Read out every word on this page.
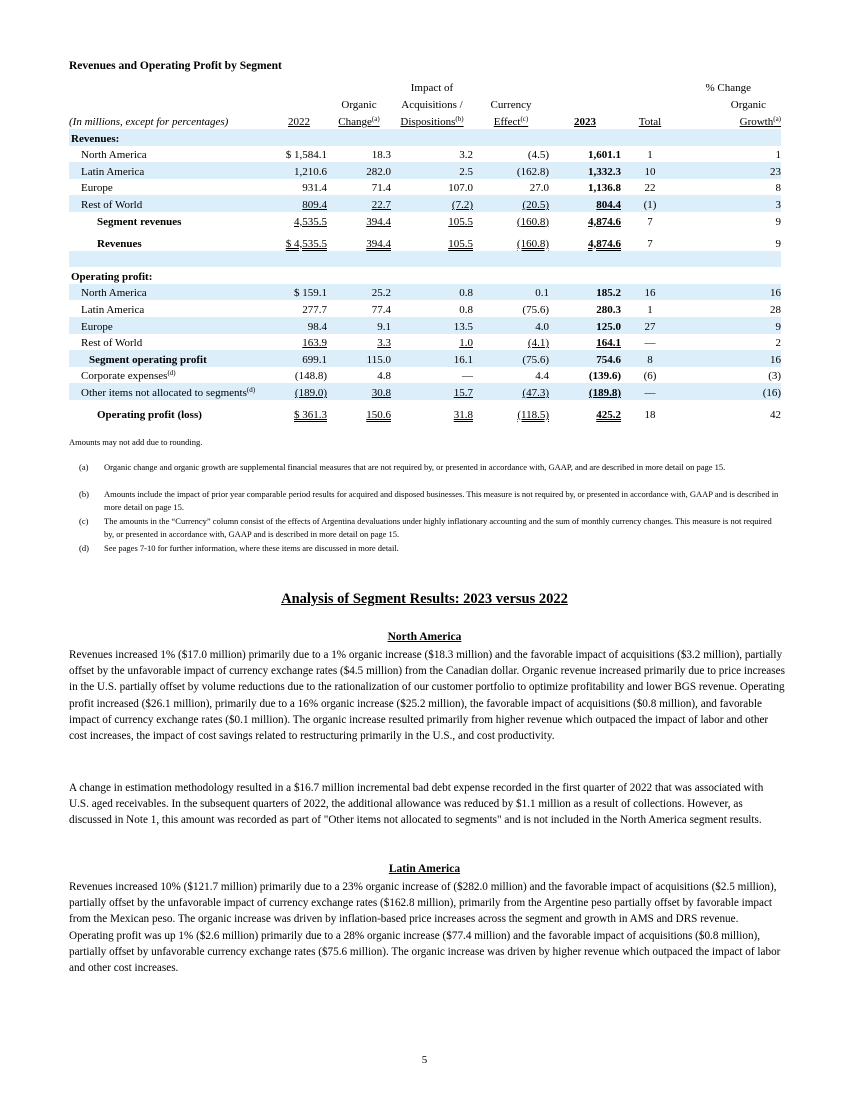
Revenues and Operating Profit by Segment
			Impact of			% Change	
		Organic	Acquisitions /	Currency			Organic
(In millions, except for percentages)	2022	Change$^{(a)}$	Dispositions$^{(b)}$	Effect$^{(c)}$	2023	Total	Growth$^{(a)}$
Revenues:							
North America	$ 1,584.1	18.3	3.2	(4.5)	1,601.1	1	1
Latin America	1,210.6	282.0	2.5	(162.8)	1,332.3	10	23
Europe	931.4	71.4	107.0	27.0	1,136.8	22	8
Rest of World	809.4	22.7	(7.2)	(20.5)	804.4	(1)	3
Segment revenues	4,535.5	394.4	105.5	(160.8)	4,874.6	7	9
Revenues	$ 4,535.5	394.4	105.5	(160.8)	4,874.6	7	9

Operating profit:							
North America	$ 159.1	25.2	0.8	0.1	185.2	16	16
Latin America	277.7	77.4	0.8	(75.6)	280.3	1	28
Europe	98.4	9.1	13.5	4.0	125.0	27	9
Rest of World	163.9	3.3	1.0	(4.1)	164.1	—	2
Segment operating profit	699.1	115.0	16.1	(75.6)	754.6	8	16
Corporate expenses$^{(d)}$	(148.8)	4.8	—	4.4	(139.6)	(6)	(3)
Other items not allocated to segments$^{(d)}$	(189.0)	30.8	15.7	(47.3)	(189.8)	—	(16)
Operating profit (loss)	$ 361.3	150.6	31.8	(118.5)	425.2	18	42
Amounts may not add due to rounding.
(a) Organic change and organic growth are supplemental financial measures that are not required by, or presented in accordance with, GAAP, and are described in more detail on page 15.
(b) Amounts include the impact of prior year comparable period results for acquired and disposed businesses. This measure is not required by, or presented in accordance with, GAAP and is described in more detail on page 15.
(c) The amounts in the “Currency” column consist of the effects of Argentina devaluations under highly inflationary accounting and the sum of monthly currency changes. This measure is not required by, or presented in accordance with, GAAP and is described in more detail on page 15.
(d) See pages 7-10 for further information, where these items are discussed in more detail.
Analysis of Segment Results: 2023 versus 2022
North America
Revenues increased 1% ($17.0 million) primarily due to a 1% organic increase ($18.3 million) and the favorable impact of acquisitions ($3.2 million), partially offset by the unfavorable impact of currency exchange rates ($4.5 million) from the Canadian dollar. Organic revenue increased primarily due to price increases in the U.S. partially offset by volume reductions due to the rationalization of our customer portfolio to optimize profitability and lower BGS revenue. Operating profit increased ($26.1 million), primarily due to a 16% organic increase ($25.2 million), the favorable impact of acquisitions ($0.8 million), and favorable impact of currency exchange rates ($0.1 million). The organic increase resulted primarily from higher revenue which outpaced the impact of labor and other cost increases, the impact of cost savings related to restructuring primarily in the U.S., and cost productivity.
A change in estimation methodology resulted in a $16.7 million incremental bad debt expense recorded in the first quarter of 2022 that was associated with U.S. aged receivables. In the subsequent quarters of 2022, the additional allowance was reduced by $1.1 million as a result of collections. However, as discussed in Note 1, this amount was recorded as part of "Other items not allocated to segments" and is not included in the North America segment results.
Latin America
Revenues increased 10% ($121.7 million) primarily due to a 23% organic increase of ($282.0 million) and the favorable impact of acquisitions ($2.5 million), partially offset by the unfavorable impact of currency exchange rates ($162.8 million), primarily from the Argentine peso partially offset by favorable impact from the Mexican peso. The organic increase was driven by inflation-based price increases across the segment and growth in AMS and DRS revenue. Operating profit was up 1% ($2.6 million) primarily due to a 28% organic increase ($77.4 million) and the favorable impact of acquisitions ($0.8 million), partially offset by unfavorable currency exchange rates ($75.6 million). The organic increase was driven by higher revenue which outpaced the impact of labor and other cost increases.
5
